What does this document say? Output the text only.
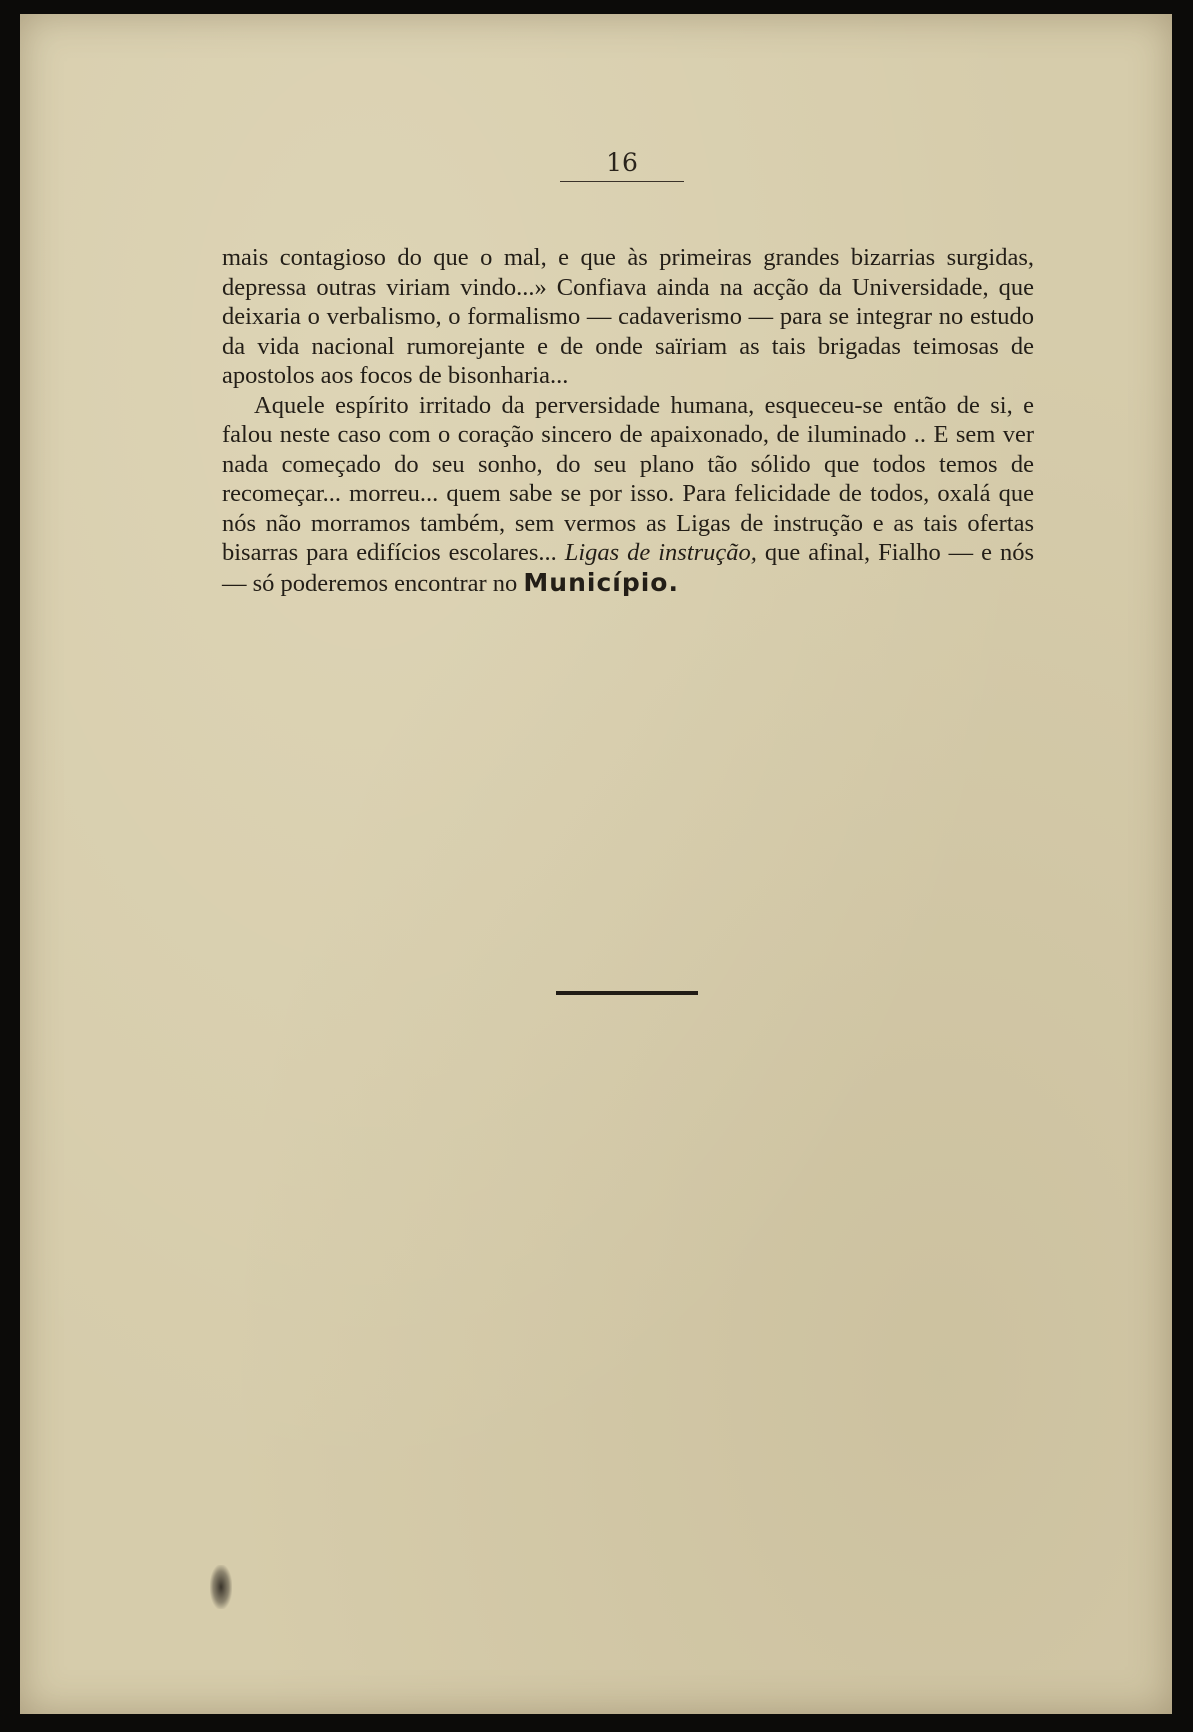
16

mais contagioso do que o mal, e que às primeiras grandes bizarrias surgidas, depressa outras viriam vindo...» Confiava ainda na acção da Universidade, que deixaria o verbalismo, o formalismo — cadaverismo — para se integrar no estudo da vida nacional rumorejante e de onde saïriam as tais brigadas teimosas de apostolos aos focos de bisonharia...

Aquele espírito irritado da perversidade humana, esqueceu-se então de si, e falou neste caso com o coração sincero de apaixonado, de iluminado .. E sem ver nada começado do seu sonho, do seu plano tão sólido que todos temos de recomeçar... morreu... quem sabe se por isso. Para felicidade de todos, oxalá que nós não morramos também, sem vermos as Ligas de instrução e as tais ofertas bisarras para edifícios escolares... Ligas de instrução, que afinal, Fialho — e nós — só poderemos encontrar no Município.
